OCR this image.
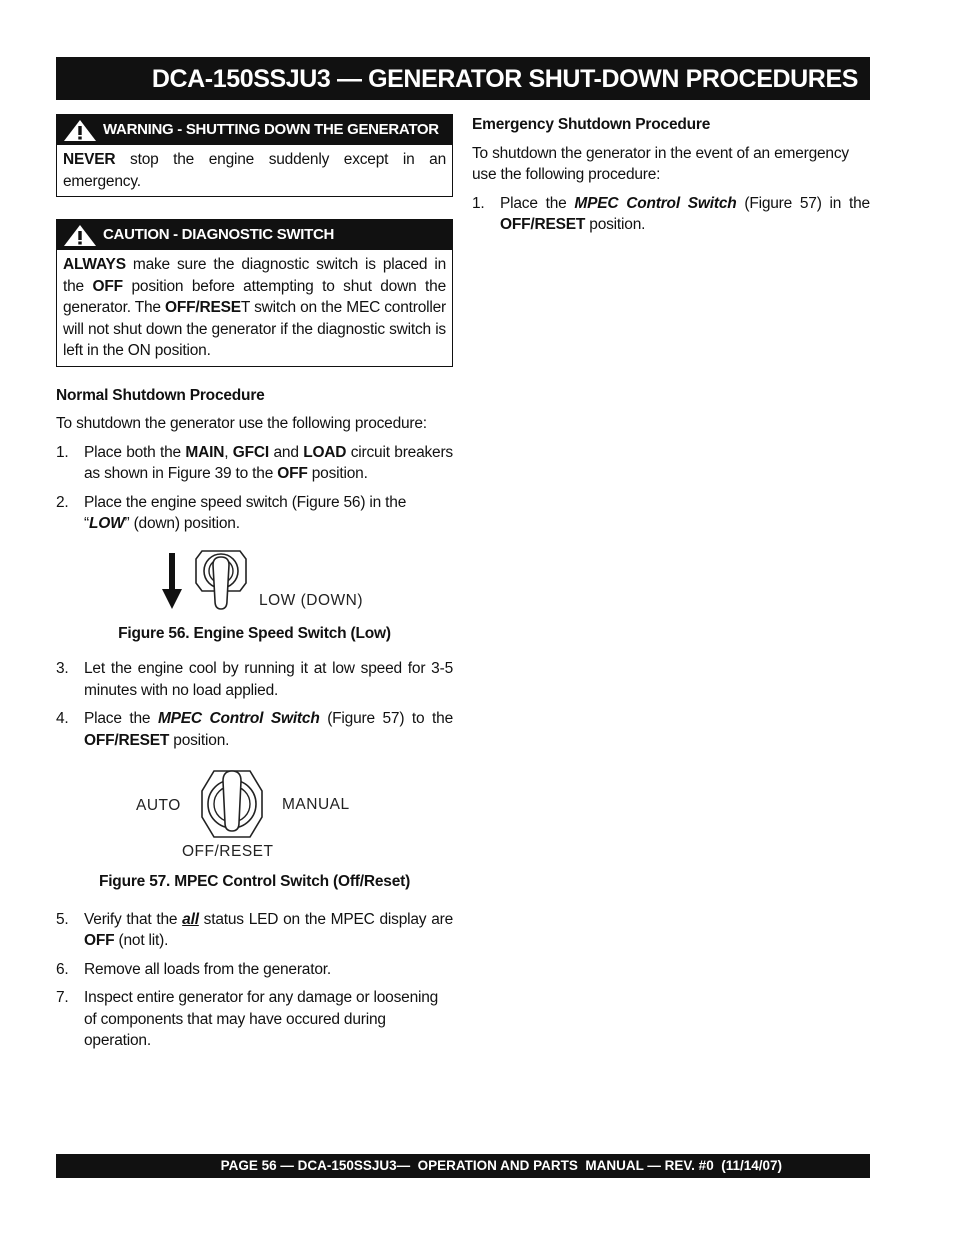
DCA-150SSJU3 — GENERATOR SHUT-DOWN PROCEDURES
WARNING - SHUTTING DOWN THE GENERATOR
NEVER stop the engine suddenly except in an emergency.
CAUTION - DIAGNOSTIC SWITCH
ALWAYS make sure the diagnostic switch is placed in the OFF position before attempting to shut down the generator. The OFF/RESET switch on the MEC controller will not shut down the generator if the diagnostic switch is left in the ON position.
Normal Shutdown Procedure
To shutdown the generator use the following procedure:
1. Place both the MAIN, GFCI and LOAD circuit breakers as shown in Figure 39 to the OFF position.
2. Place the engine speed switch (Figure 56) in the “LOW” (down) position.
LOW (DOWN)
Figure 56. Engine Speed Switch (Low)
3. Let the engine cool by running it at low speed for 3-5 minutes with no load applied.
4. Place the MPEC Control Switch (Figure 57) to the OFF/RESET position.
AUTO	MANUAL
OFF/RESET
Figure 57. MPEC Control Switch (Off/Reset)
5. Verify that the all status LED on the MPEC display are OFF (not lit).
6. Remove all loads from the generator.
7. Inspect entire generator for any damage or loosening of components that may have occured during operation.
Emergency Shutdown Procedure
To shutdown the generator in the event of an emergency use the following procedure:
1. Place the MPEC Control Switch (Figure 57) in the OFF/RESET position.
PAGE 56 — DCA-150SSJU3—  OPERATION AND PARTS  MANUAL — REV. #0  (11/14/07)
